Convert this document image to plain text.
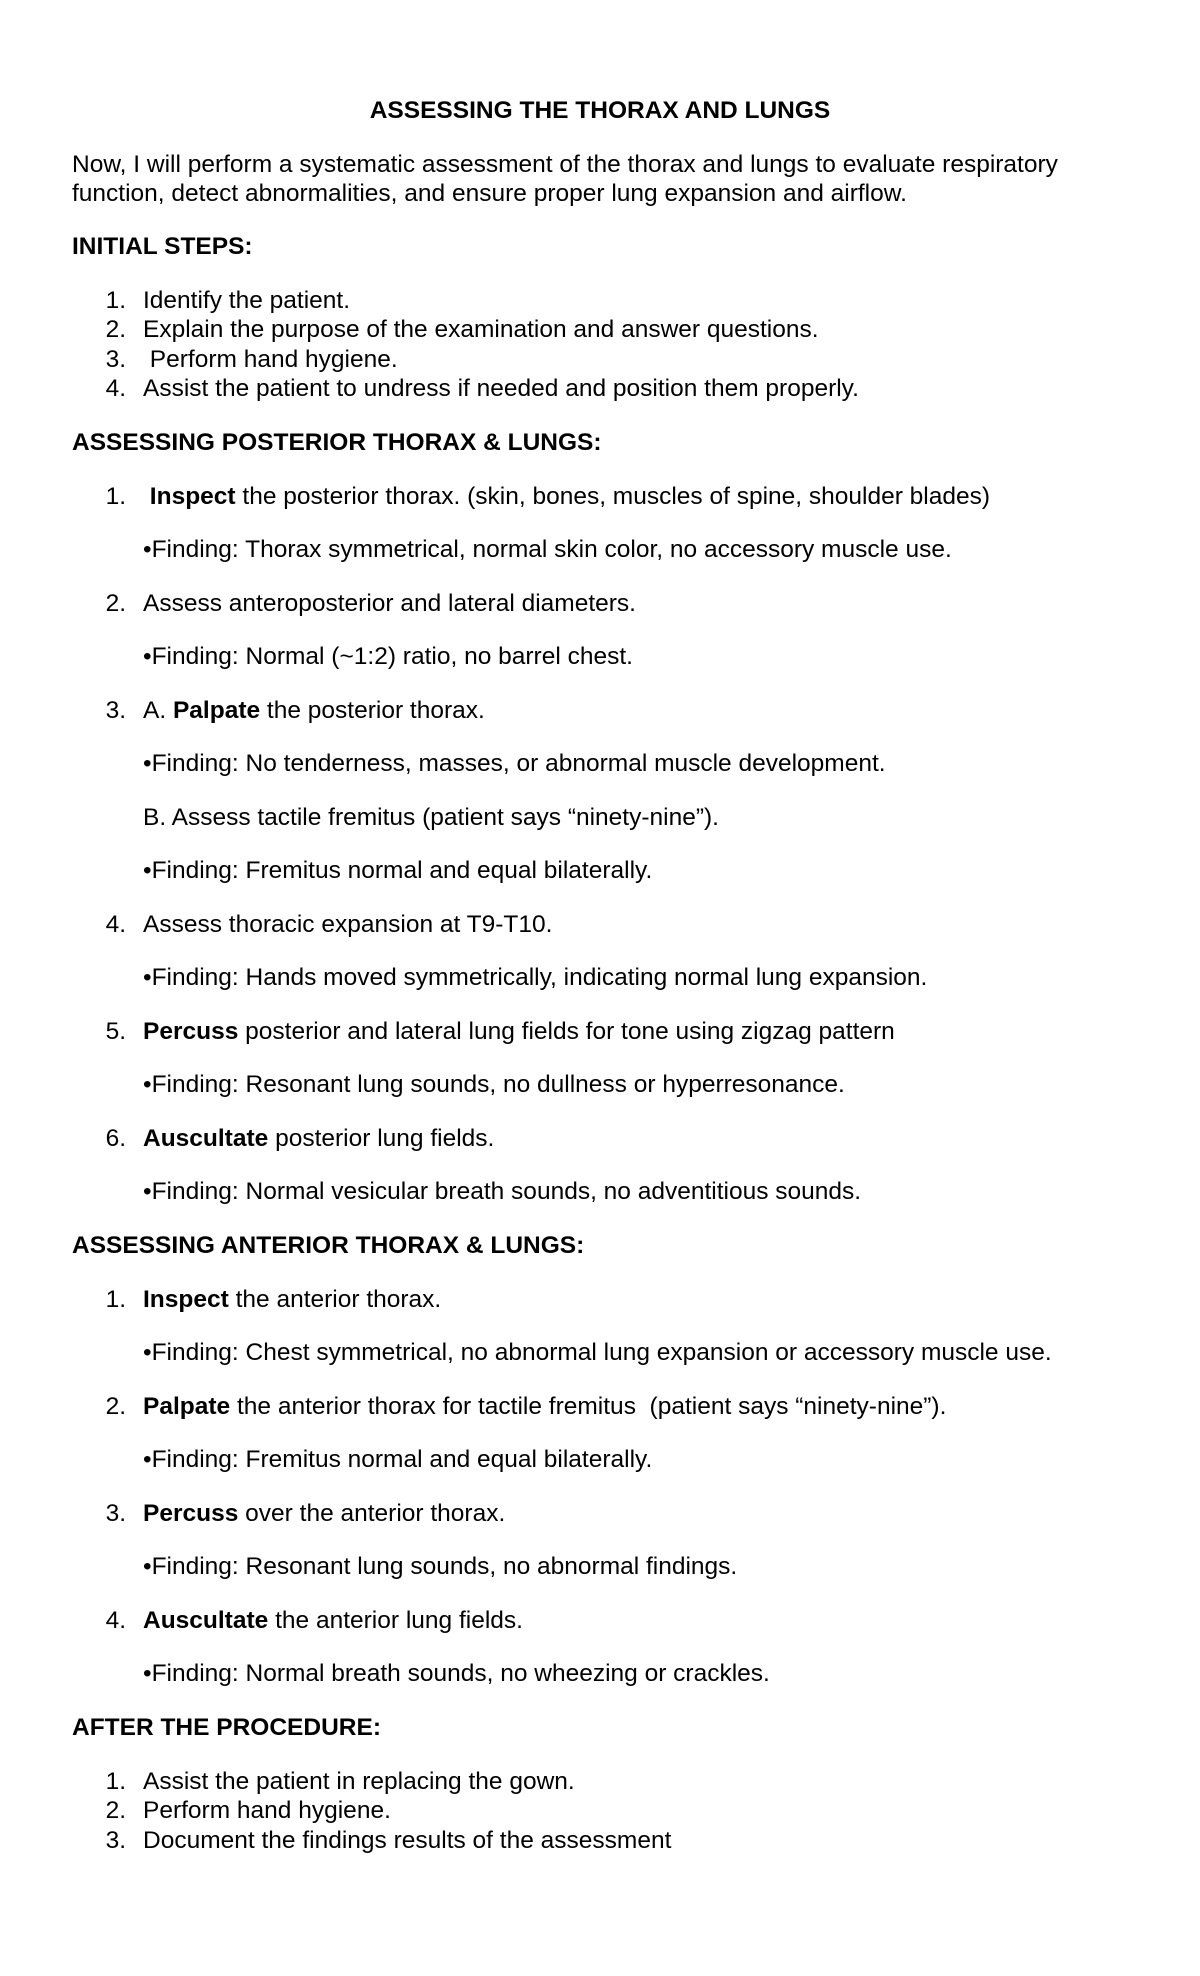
ASSESSING THE THORAX AND LUNGS
Now, I will perform a systematic assessment of the thorax and lungs to evaluate respiratory
function, detect abnormalities, and ensure proper lung expansion and airflow.
INITIAL STEPS:
1. Identify the patient.
2. Explain the purpose of the examination and answer questions.
3. Perform hand hygiene.
4. Assist the patient to undress if needed and position them properly.
ASSESSING POSTERIOR THORAX & LUNGS:
1. Inspect the posterior thorax. (skin, bones, muscles of spine, shoulder blades)
•Finding: Thorax symmetrical, normal skin color, no accessory muscle use.
2. Assess anteroposterior and lateral diameters.
•Finding: Normal (~1:2) ratio, no barrel chest.
3. A. Palpate the posterior thorax.
•Finding: No tenderness, masses, or abnormal muscle development.
B. Assess tactile fremitus (patient says “ninety-nine”).
•Finding: Fremitus normal and equal bilaterally.
4. Assess thoracic expansion at T9-T10.
•Finding: Hands moved symmetrically, indicating normal lung expansion.
5. Percuss posterior and lateral lung fields for tone using zigzag pattern
•Finding: Resonant lung sounds, no dullness or hyperresonance.
6. Auscultate posterior lung fields.
•Finding: Normal vesicular breath sounds, no adventitious sounds.
ASSESSING ANTERIOR THORAX & LUNGS:
1. Inspect the anterior thorax.
•Finding: Chest symmetrical, no abnormal lung expansion or accessory muscle use.
2. Palpate the anterior thorax for tactile fremitus  (patient says “ninety-nine”).
•Finding: Fremitus normal and equal bilaterally.
3. Percuss over the anterior thorax.
•Finding: Resonant lung sounds, no abnormal findings.
4. Auscultate the anterior lung fields.
•Finding: Normal breath sounds, no wheezing or crackles.
AFTER THE PROCEDURE:
1. Assist the patient in replacing the gown.
2. Perform hand hygiene.
3. Document the findings results of the assessment
